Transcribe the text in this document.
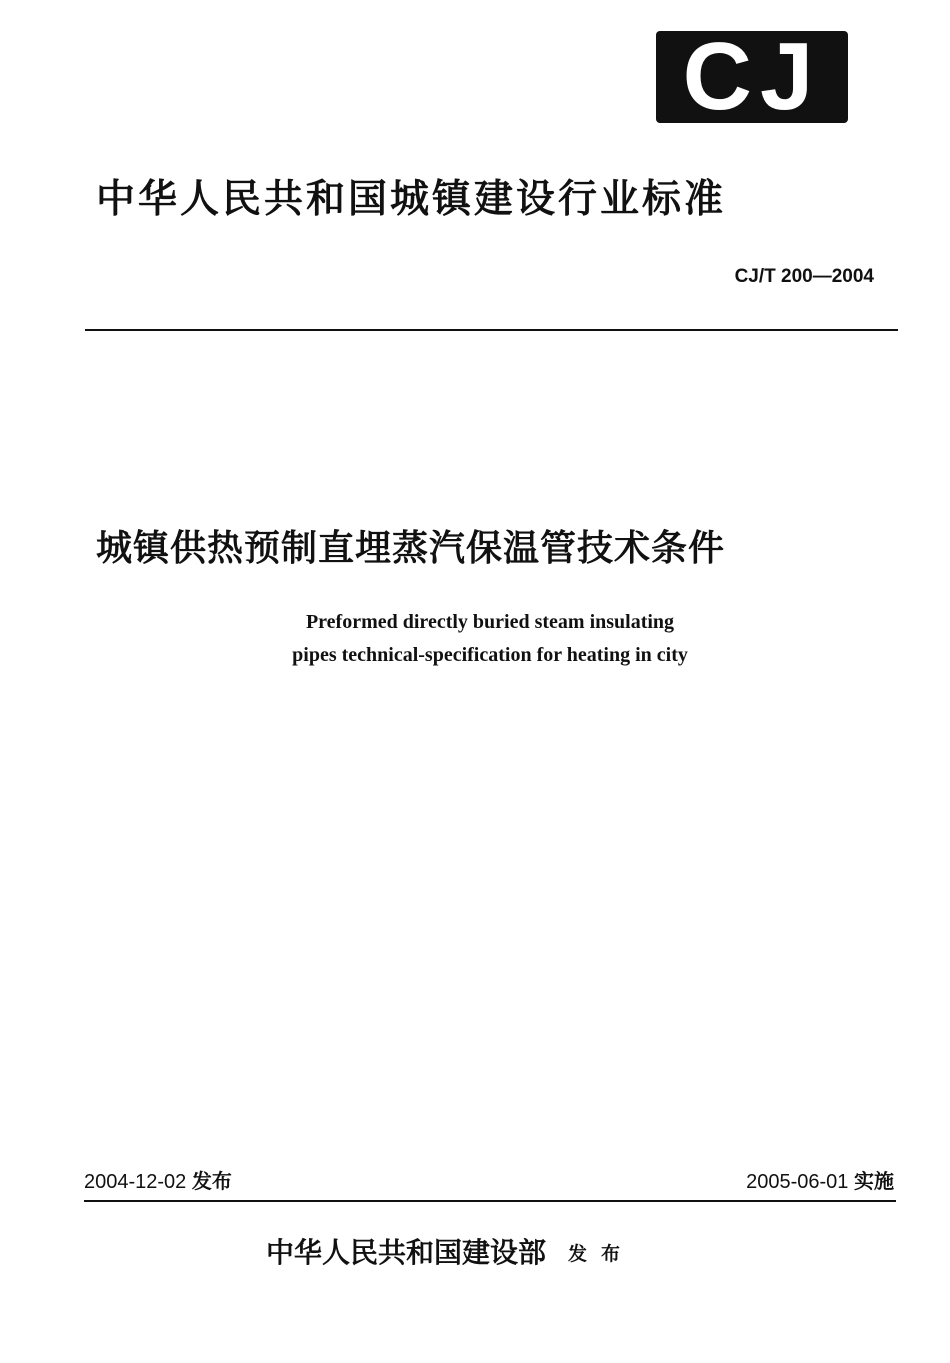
CJ
中华人民共和国城镇建设行业标准
CJ/T 200—2004
城镇供热预制直埋蒸汽保温管技术条件
Preformed directly buried steam insulating
pipes technical-specification for heating in city
2004-12-02 发布	2005-06-01 实施
中华人民共和国建设部 发布
